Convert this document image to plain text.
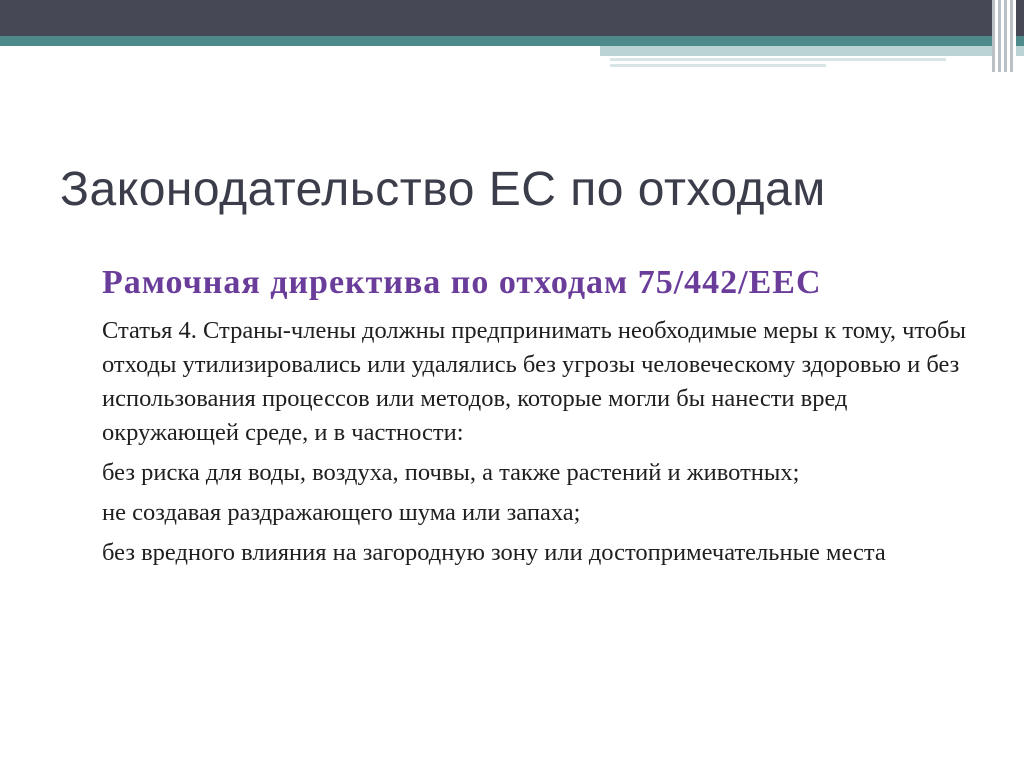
Законодательство ЕС по отходам
Рамочная директива по отходам 75/442/EEC

Статья 4. Страны-члены должны предпринимать необходимые меры к тому, чтобы отходы утилизировались или удалялись без угрозы человеческому здоровью и без использования процессов или методов, которые могли бы нанести вред окружающей среде, и в частности:

без риска для воды, воздуха, почвы, а также растений и животных;

не создавая раздражающего шума или запаха;

без вредного влияния на загородную зону или достопримечательные места
